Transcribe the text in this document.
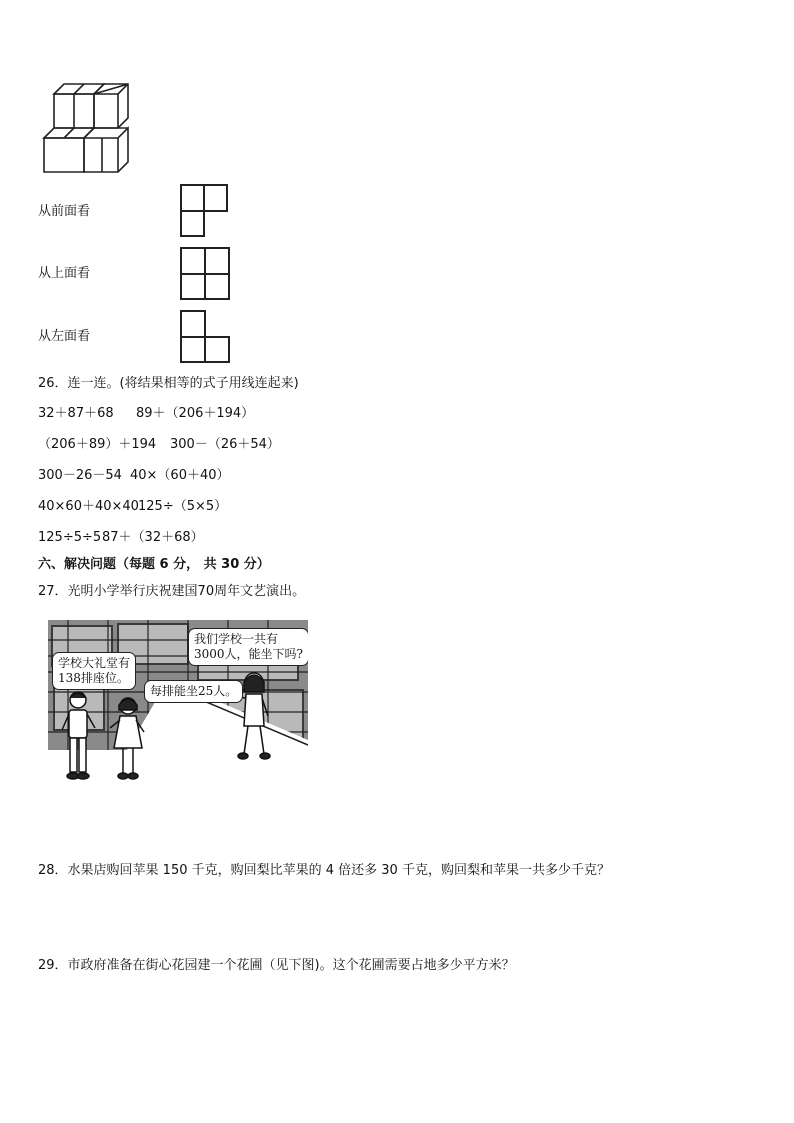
从前面看
从上面看
从左面看
26．连一连。(将结果相等的式子用线连起来)
32＋87＋68 89＋（206＋194）
（206＋89）＋194 300－（26＋54）
300－26－54 40×（60＋40）
40×60＋40×40 125÷（5×5）
125÷5÷5 87＋（32＋68）
六、解决问题（每题 6 分， 共 30 分）
27．光明小学举行庆祝建国70周年文艺演出。
学校大礼堂有
138排座位。
每排能坐25人。
我们学校一共有
3000人，能坐下吗?
28．水果店购回苹果 150 千克，购回梨比苹果的 4 倍还多 30 千克，购回梨和苹果一共多少千克？
29．市政府准备在街心花园建一个花圃（见下图)。这个花圃需要占地多少平方米？
